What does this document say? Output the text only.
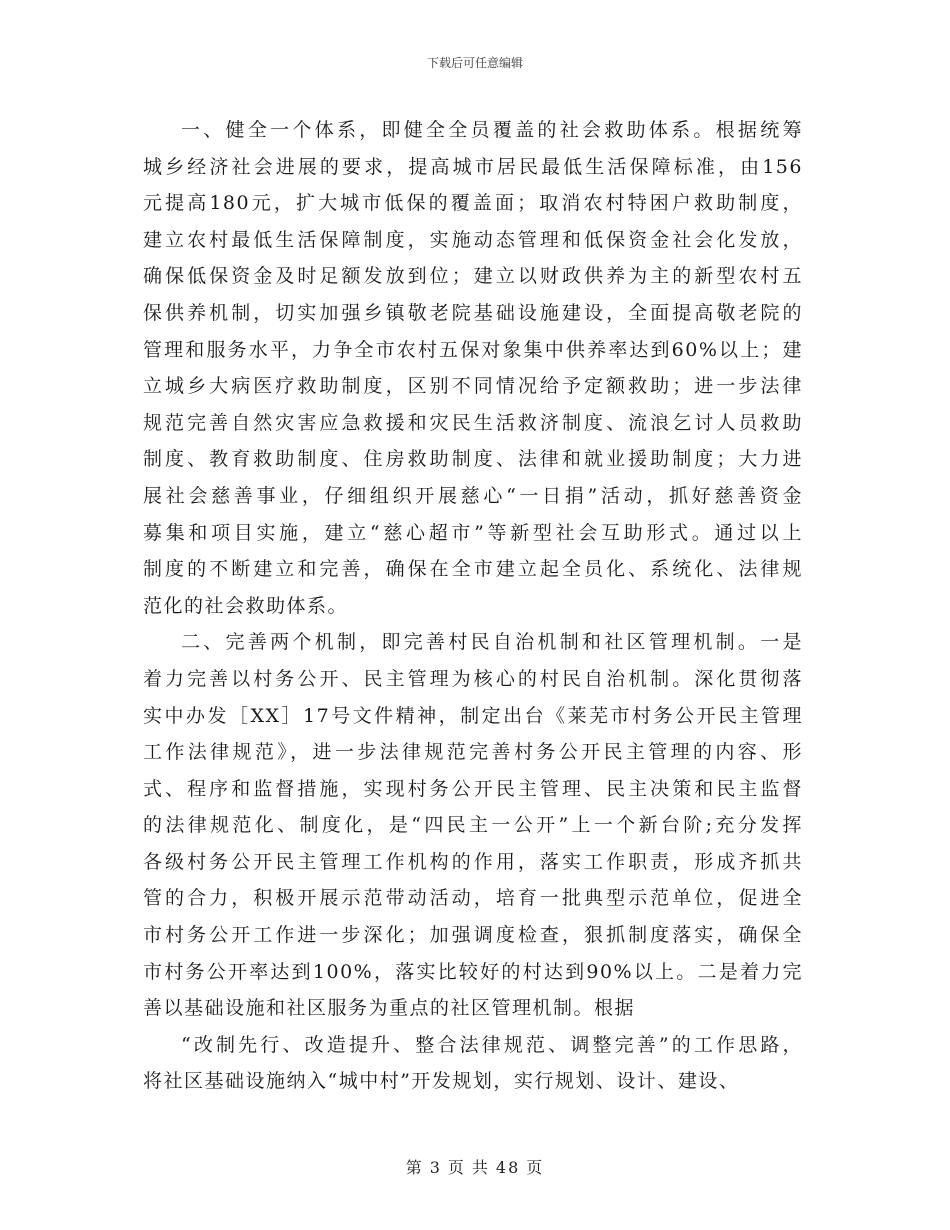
下载后可任意编辑
一、健全一个体系，即健全全员覆盖的社会救助体系。根据统筹
城乡经济社会进展的要求，提高城市居民最低生活保障标准，由156
元提高180元，扩大城市低保的覆盖面；取消农村特困户救助制度，
建立农村最低生活保障制度，实施动态管理和低保资金社会化发放，
确保低保资金及时足额发放到位；建立以财政供养为主的新型农村五
保供养机制，切实加强乡镇敬老院基础设施建设，全面提高敬老院的
管理和服务水平，力争全市农村五保对象集中供养率达到60%以上；建
立城乡大病医疗救助制度，区别不同情况给予定额救助；进一步法律
规范完善自然灾害应急救援和灾民生活救济制度、流浪乞讨人员救助
制度、教育救助制度、住房救助制度、法律和就业援助制度；大力进
展社会慈善事业，仔细组织开展慈心“一日捐”活动，抓好慈善资金
募集和项目实施，建立“慈心超市”等新型社会互助形式。通过以上
制度的不断建立和完善，确保在全市建立起全员化、系统化、法律规
范化的社会救助体系。
二、完善两个机制，即完善村民自治机制和社区管理机制。一是
着力完善以村务公开、民主管理为核心的村民自治机制。深化贯彻落
实中办发［XX］17号文件精神，制定出台《莱芜市村务公开民主管理
工作法律规范》，进一步法律规范完善村务公开民主管理的内容、形
式、程序和监督措施，实现村务公开民主管理、民主决策和民主监督
的法律规范化、制度化，是“四民主一公开”上一个新台阶;充分发挥
各级村务公开民主管理工作机构的作用，落实工作职责，形成齐抓共
管的合力，积极开展示范带动活动，培育一批典型示范单位，促进全
市村务公开工作进一步深化；加强调度检查，狠抓制度落实，确保全
市村务公开率达到100%，落实比较好的村达到90%以上。二是着力完
善以基础设施和社区服务为重点的社区管理机制。根据
“改制先行、改造提升、整合法律规范、调整完善”的工作思路，
将社区基础设施纳入“城中村”开发规划，实行规划、设计、建设、
第 3 页 共 48 页
